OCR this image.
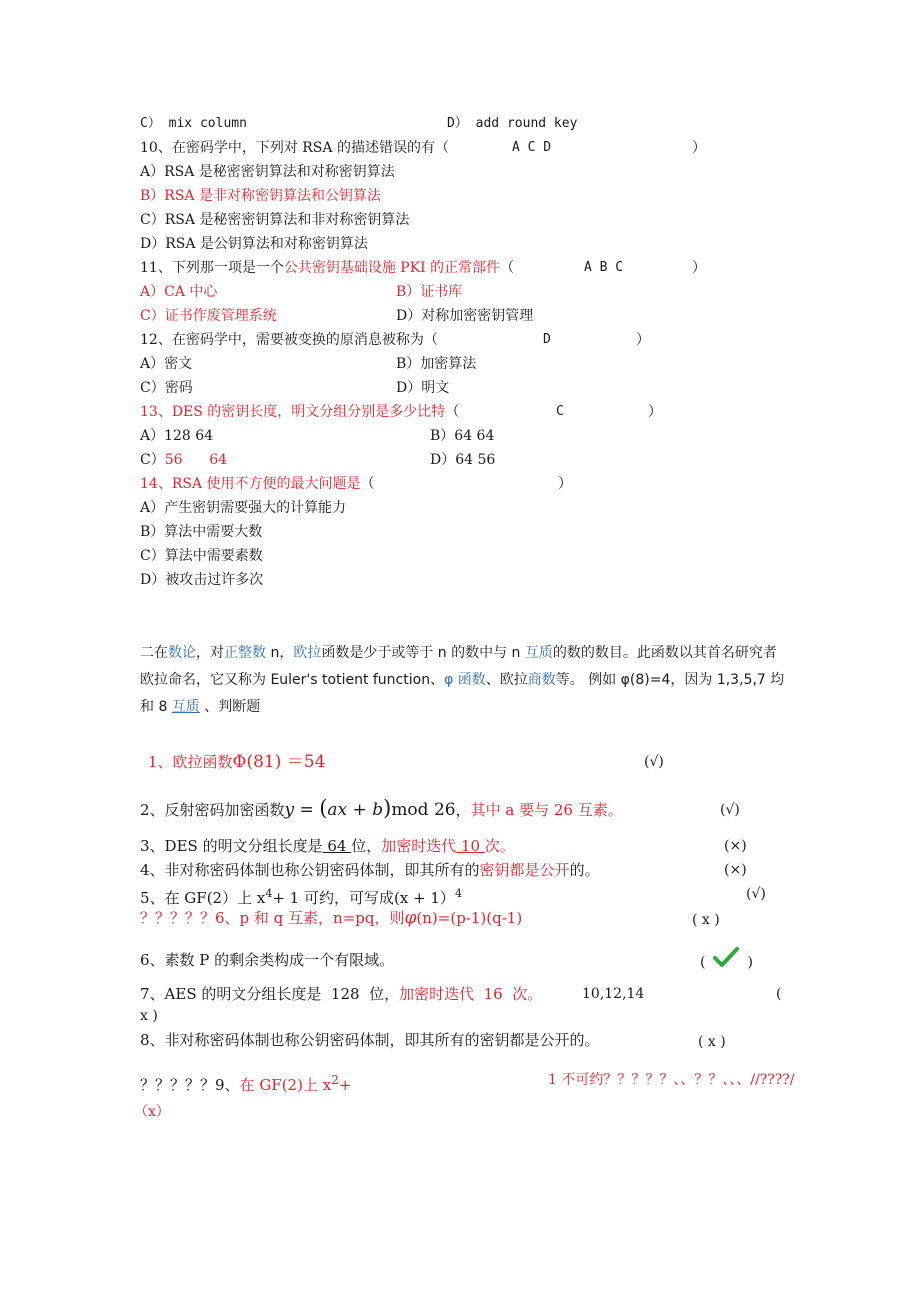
C） mix column	D） add round key
10、在密码学中，下列对 RSA 的描述错误的有（	A C D	）
A）RSA 是秘密密钥算法和对称密钥算法
B）RSA 是非对称密钥算法和公钥算法
C）RSA 是秘密密钥算法和非对称密钥算法
D）RSA 是公钥算法和对称密钥算法
11、下列那一项是一个公共密钥基础设施 PKI 的正常部件（	A B C	）
A）CA 中心	B）证书库
C）证书作废管理系统	D）对称加密密钥管理
12、在密码学中，需要被变换的原消息被称为（	D	）
A）密文	B）加密算法
C）密码	D）明文
13、DES 的密钥长度，明文分组分别是多少比特（	C	）
A）128 64	B）64 64
C）56      64	D）64 56
14、RSA 使用不方便的最大问题是（	）
A）产生密钥需要强大的计算能力
B）算法中需要大数
C）算法中需要素数
D）被攻击过许多次
二在数论，对正整数 n，欧拉函数是少于或等于 n 的数中与 n 互质的数的数目。此函数以其首名研究者欧拉命名，它又称为 Euler's totient function、φ 函数、欧拉商数等。 例如 φ(8)=4，因为 1,3,5,7 均和 8 互质 、判断题
1、欧拉函数Φ(81) ＝54	(√)
2、反射密码加密函数y = (ax + b)mod 26，其中 a 要与 26 互素。	(√)
3、DES 的明文分组长度是 64 位，加密时迭代 10 次。	(×)
4、非对称密码体制也称公钥密码体制，即其所有的密钥都是公开的。	(×)
5、在 GF(2）上 $x^4+ 1$ 可约，可写成(x + 1）$^4$	(√)
？？？？？6、p 和 q 互素，n=pq，则φ(n)=(p-1)(q-1)	( x )
6、素数 P 的剩余类构成一个有限域。	(	)
7、AES 的明文分组长度是  128  位，加密时迭代  16  次。	10,12,14	(
x )
8、非对称密码体制也称公钥密码体制，即其所有的密钥都是公开的。	( x )
？？？？？9、在 GF(2)上 $x^2+$	1 不可约？？？？？、、？？、、、//????/
（x）
